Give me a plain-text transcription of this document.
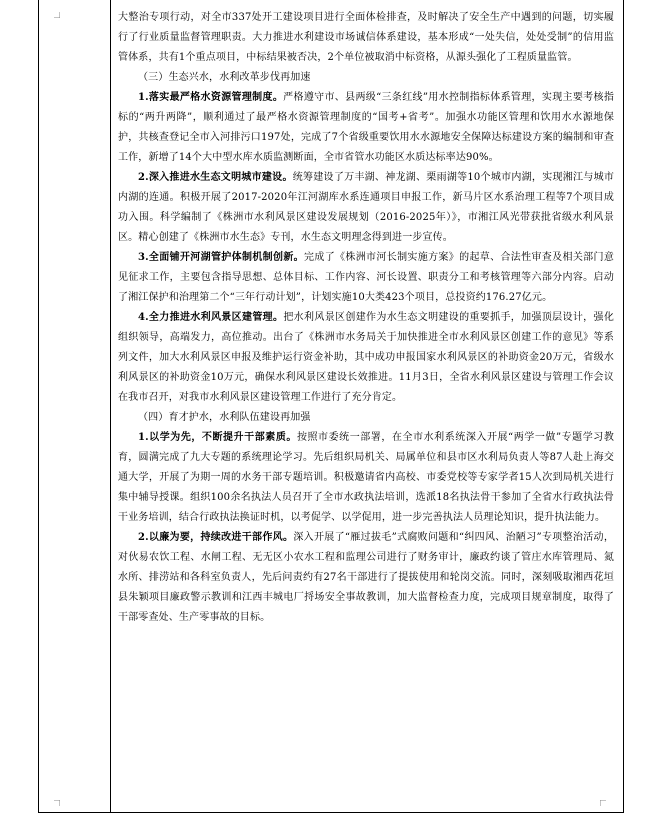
大整治专项行动，对全市337处开工建设项目进行全面体检排查，及时解决了安全生产中遇到的问题，切实履行了行业质量监督管理职责。大力推进水利建设市场诚信体系建设，基本形成“一处失信，处处受制”的信用监管体系，共有1个重点项目，中标结果被否决，2个单位被取消中标资格，从源头强化了工程质量监管。

（三）生态兴水，水利改革步伐再加速

1.落实最严格水资源管理制度。严格遵守市、县两级“三条红线”用水控制指标体系管理，实现主要考核指标的“两升两降”，顺利通过了最严格水资源管理制度的“国考+省考”。加强水功能区管理和饮用水水源地保护，共核查登记全市入河排污口197处，完成了7个省级重要饮用水水源地安全保障达标建设方案的编制和审查工作，新增了14个大中型水库水质监测断面，全市省管水功能区水质达标率达90%。

2.深入推进水生态文明城市建设。统筹建设了万丰湖、神龙湖、栗雨湖等10个城市内湖，实现湘江与城市内湖的连通。积极开展了2017-2020年江河湖库水系连通项目申报工作，新马片区水系治理工程等7个项目成功入围。科学编制了《株洲市水利风景区建设发展规划（2016-2025年）》，市湘江风光带获批省级水利风景区。精心创建了《株洲市水生态》专刊，水生态文明理念得到进一步宣传。

3.全面铺开河湖管护体制机制创新。完成了《株洲市河长制实施方案》的起草、合法性审查及相关部门意见征求工作，主要包含指导思想、总体目标、工作内容、河长设置、职责分工和考核管理等六部分内容。启动了湘江保护和治理第二个“三年行动计划”，计划实施10大类423个项目，总投资约176.27亿元。

4.全力推进水利风景区建管理。把水利风景区创建作为水生态文明建设的重要抓手，加强顶层设计，强化组织领导，高端发力，高位推动。出台了《株洲市水务局关于加快推进全市水利风景区创建工作的意见》等系列文件，加大水利风景区申报及维护运行资金补助，其中成功申报国家水利风景区的补助资金20万元，省级水利风景区的补助资金10万元，确保水利风景区建设长效推进。11月3日，全省水利风景区建设与管理工作会议在我市召开，对我市水利风景区建设管理工作进行了充分肯定。

（四）育才护水，水利队伍建设再加强

1.以学为先，不断提升干部素质。按照市委统一部署，在全市水利系统深入开展“两学一做”专题学习教育，圆满完成了九大专题的系统理论学习。先后组织局机关、局属单位和县市区水利局负责人等87人赴上海交通大学，开展了为期一周的水务干部专题培训。积极邀请省内高校、市委党校等专家学者15人次到局机关进行集中辅导授课。组织100余名执法人员召开了全市水政执法培训，选派18名执法骨干参加了全省水行政执法骨干业务培训，结合行政执法换证时机，以考促学、以学促用，进一步完善执法人员理论知识，提升执法能力。

2.以廉为要，持续改进干部作风。深入开展了“雁过拔毛”式腐败问题和“纠四风、治陋习”专项整治活动，对伙易农饮工程、水闸工程、无无区小农水工程和监理公司进行了财务审计，廉政约谈了管庄水库管理局、氮水所、排涝站和各科室负责人，先后问责约有27名干部进行了提拔使用和轮岗交流。同时，深刻吸取湘西花垣县朱颖项目廉政警示教训和江西丰城电厂捋场安全事故教训，加大监督检查力度，完成项目规章制度，取得了干部零查处、生产零事故的目标。
